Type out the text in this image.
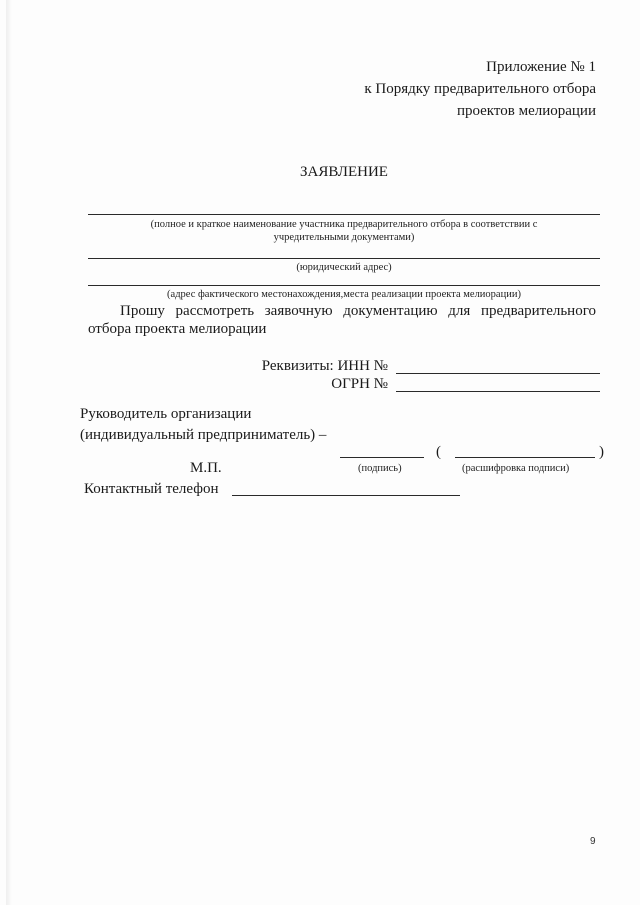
Приложение № 1
к Порядку предварительного отбора
проектов мелиорации
ЗАЯВЛЕНИЕ
(полное и краткое наименование участника предварительного отбора в соответствии с
учредительными документами)
(юридический адрес)
(адрес фактического местонахождения,места реализации проекта мелиорации)
Прошу рассмотреть заявочную документацию для предварительного
отбора проекта мелиорации
Реквизиты: ИНН №
ОГРН №
Руководитель организации
(индивидуальный предприниматель) –
(	)
М.П.	(подпись)	(расшифровка подписи)
Контактный телефон
9
